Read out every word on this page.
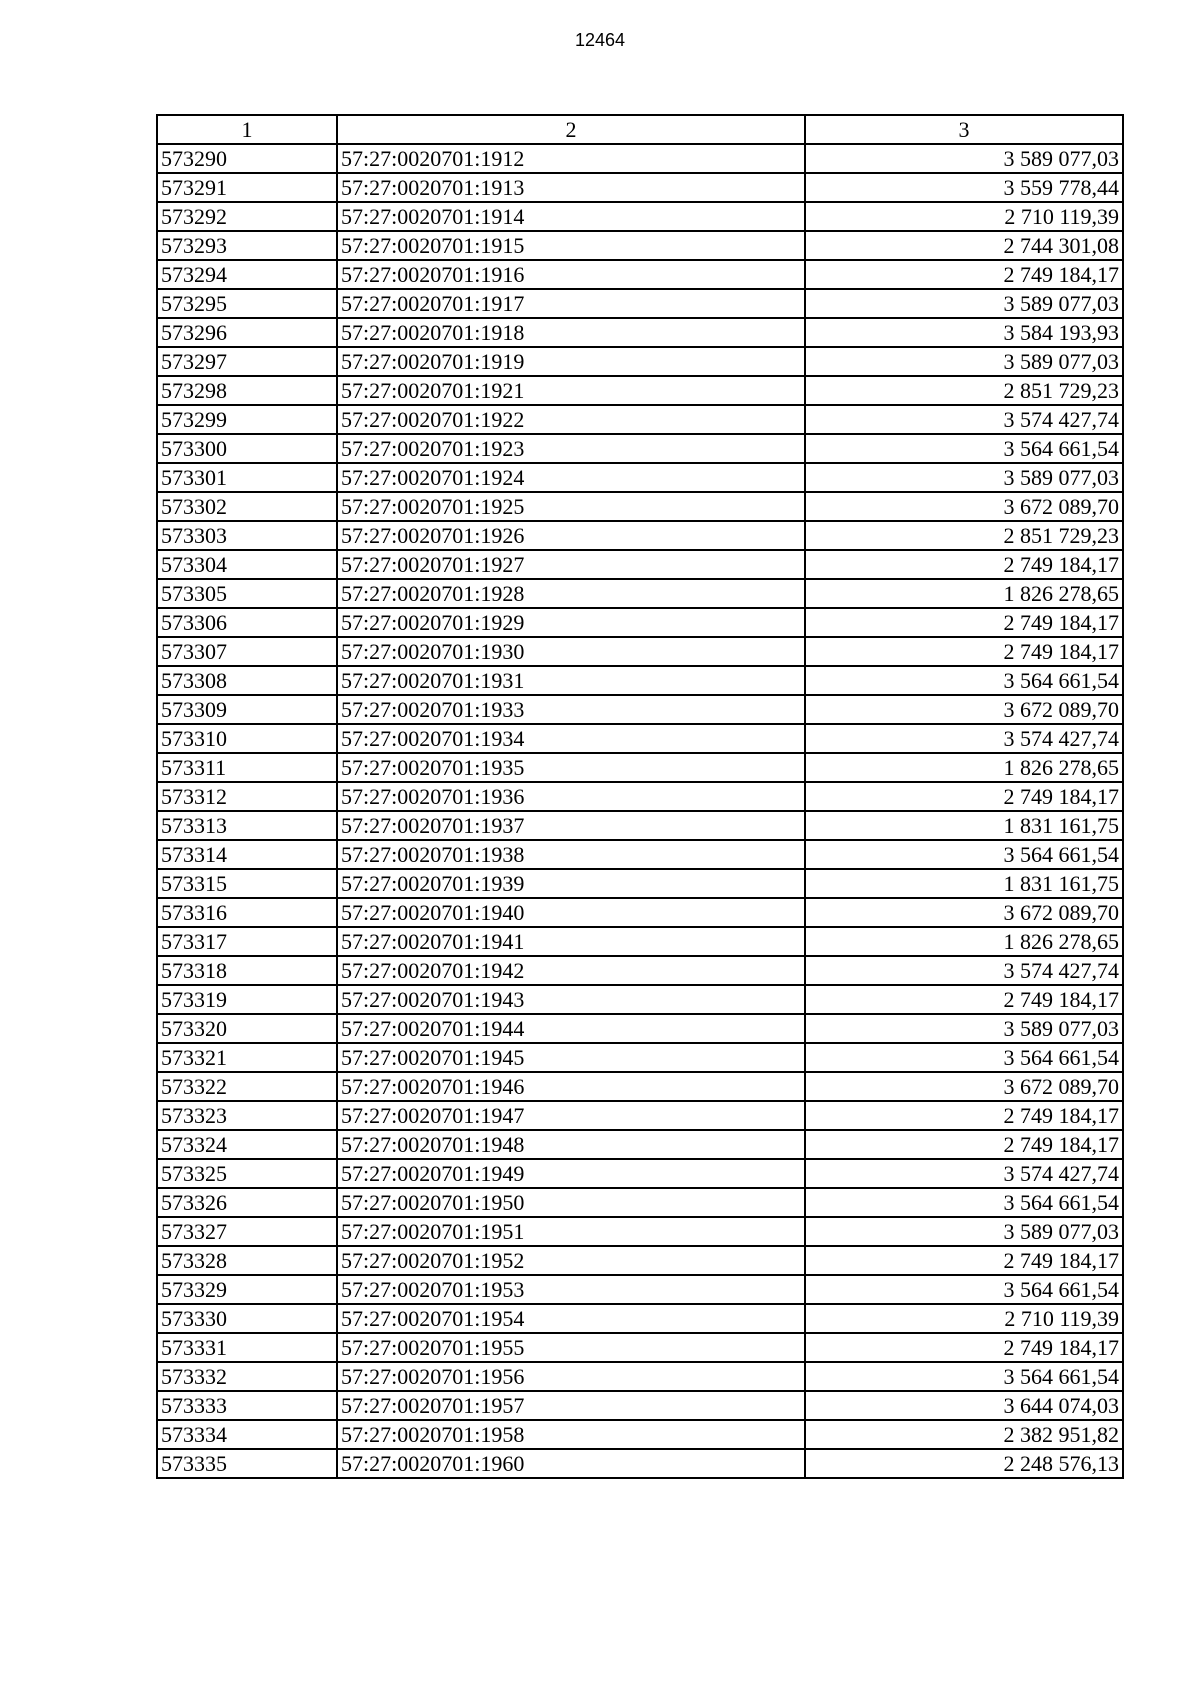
12464
1	2	3
573290	57:27:0020701:1912	3 589 077,03
573291	57:27:0020701:1913	3 559 778,44
573292	57:27:0020701:1914	2 710 119,39
573293	57:27:0020701:1915	2 744 301,08
573294	57:27:0020701:1916	2 749 184,17
573295	57:27:0020701:1917	3 589 077,03
573296	57:27:0020701:1918	3 584 193,93
573297	57:27:0020701:1919	3 589 077,03
573298	57:27:0020701:1921	2 851 729,23
573299	57:27:0020701:1922	3 574 427,74
573300	57:27:0020701:1923	3 564 661,54
573301	57:27:0020701:1924	3 589 077,03
573302	57:27:0020701:1925	3 672 089,70
573303	57:27:0020701:1926	2 851 729,23
573304	57:27:0020701:1927	2 749 184,17
573305	57:27:0020701:1928	1 826 278,65
573306	57:27:0020701:1929	2 749 184,17
573307	57:27:0020701:1930	2 749 184,17
573308	57:27:0020701:1931	3 564 661,54
573309	57:27:0020701:1933	3 672 089,70
573310	57:27:0020701:1934	3 574 427,74
573311	57:27:0020701:1935	1 826 278,65
573312	57:27:0020701:1936	2 749 184,17
573313	57:27:0020701:1937	1 831 161,75
573314	57:27:0020701:1938	3 564 661,54
573315	57:27:0020701:1939	1 831 161,75
573316	57:27:0020701:1940	3 672 089,70
573317	57:27:0020701:1941	1 826 278,65
573318	57:27:0020701:1942	3 574 427,74
573319	57:27:0020701:1943	2 749 184,17
573320	57:27:0020701:1944	3 589 077,03
573321	57:27:0020701:1945	3 564 661,54
573322	57:27:0020701:1946	3 672 089,70
573323	57:27:0020701:1947	2 749 184,17
573324	57:27:0020701:1948	2 749 184,17
573325	57:27:0020701:1949	3 574 427,74
573326	57:27:0020701:1950	3 564 661,54
573327	57:27:0020701:1951	3 589 077,03
573328	57:27:0020701:1952	2 749 184,17
573329	57:27:0020701:1953	3 564 661,54
573330	57:27:0020701:1954	2 710 119,39
573331	57:27:0020701:1955	2 749 184,17
573332	57:27:0020701:1956	3 564 661,54
573333	57:27:0020701:1957	3 644 074,03
573334	57:27:0020701:1958	2 382 951,82
573335	57:27:0020701:1960	2 248 576,13
